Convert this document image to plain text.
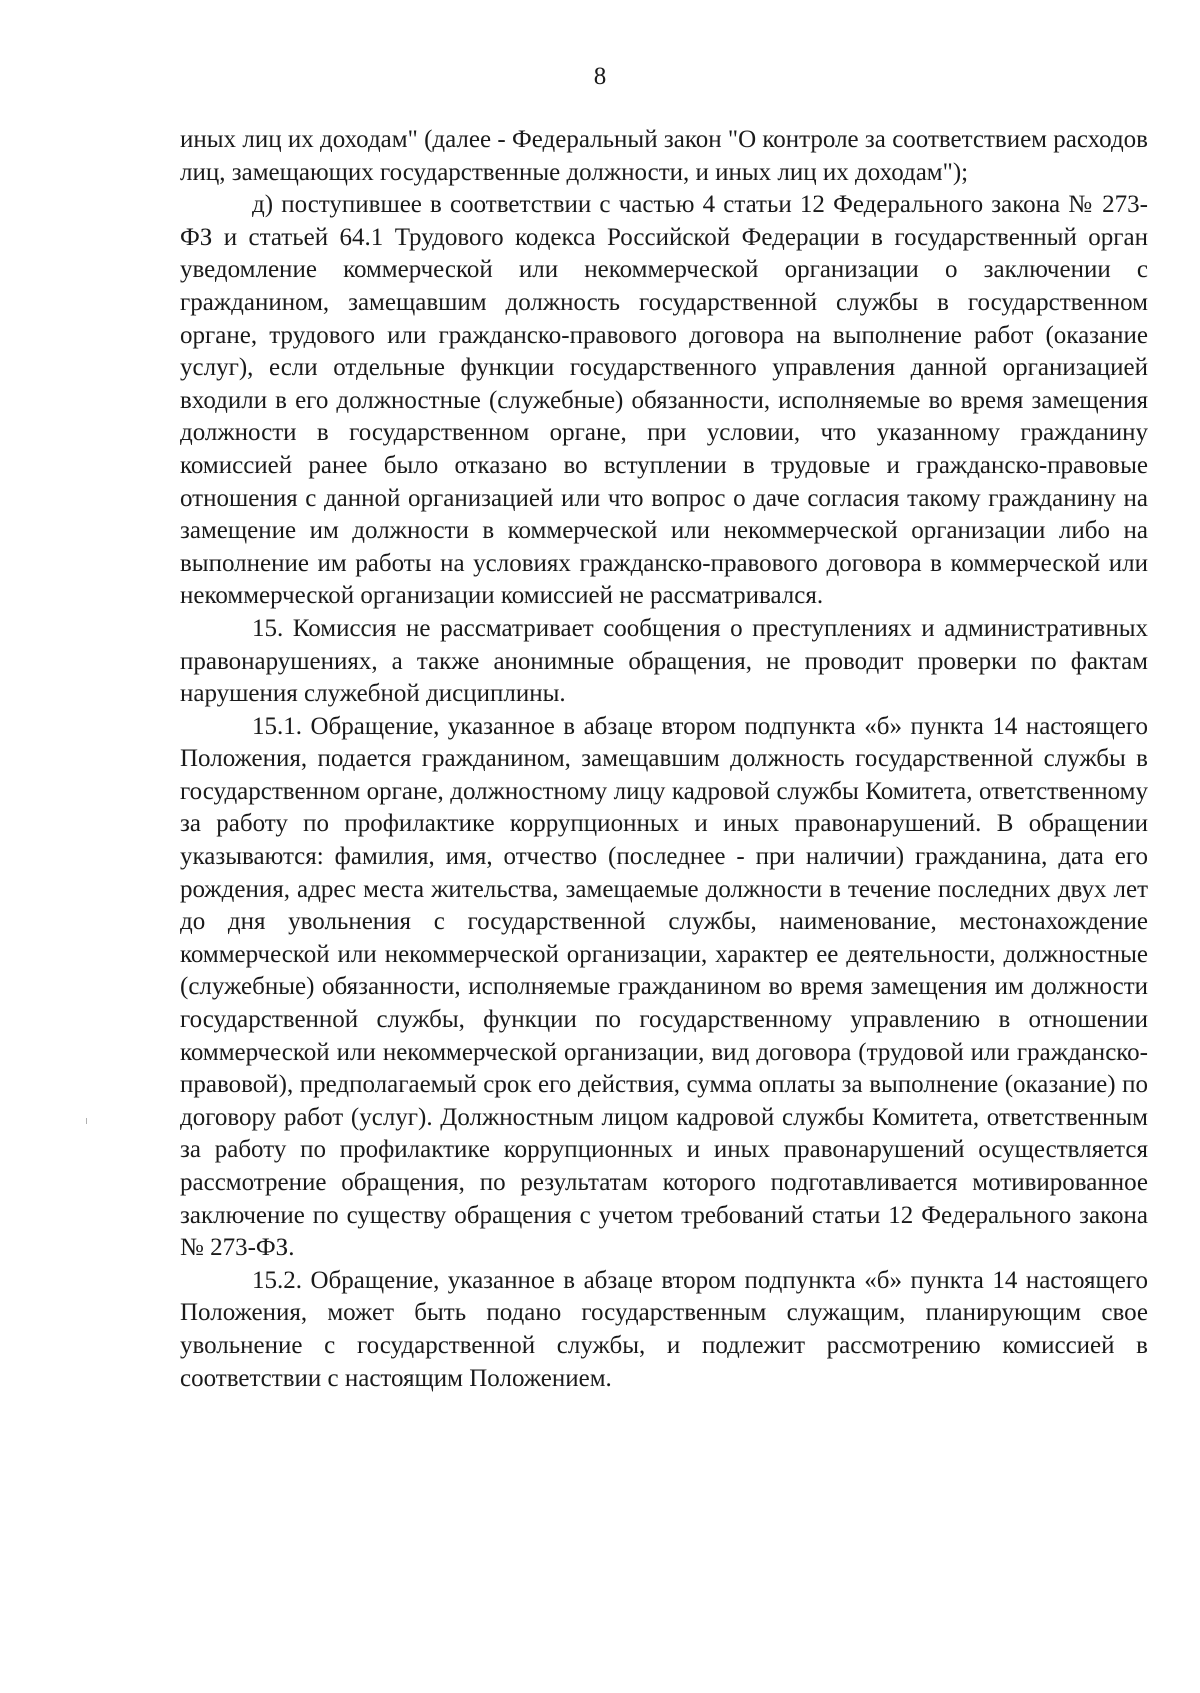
8

иных лиц их доходам" (далее - Федеральный закон "О контроле за соответствием расходов лиц, замещающих государственные должности, и иных лиц их доходам");

д) поступившее в соответствии с частью 4 статьи 12 Федерального закона № 273-ФЗ и статьей 64.1 Трудового кодекса Российской Федерации в государственный орган уведомление коммерческой или некоммерческой организации о заключении с гражданином, замещавшим должность государственной службы в государственном органе, трудового или гражданско-правового договора на выполнение работ (оказание услуг), если отдельные функции государственного управления данной организацией входили в его должностные (служебные) обязанности, исполняемые во время замещения должности в государственном органе, при условии, что указанному гражданину комиссией ранее было отказано во вступлении в трудовые и гражданско-правовые отношения с данной организацией или что вопрос о даче согласия такому гражданину на замещение им должности в коммерческой или некоммерческой организации либо на выполнение им работы на условиях гражданско-правового договора в коммерческой или некоммерческой организации комиссией не рассматривался.

15. Комиссия не рассматривает сообщения о преступлениях и административных правонарушениях, а также анонимные обращения, не проводит проверки по фактам нарушения служебной дисциплины.

15.1. Обращение, указанное в абзаце втором подпункта «б» пункта 14 настоящего Положения, подается гражданином, замещавшим должность государственной службы в государственном органе, должностному лицу кадровой службы Комитета, ответственному за работу по профилактике коррупционных и иных правонарушений. В обращении указываются: фамилия, имя, отчество (последнее - при наличии) гражданина, дата его рождения, адрес места жительства, замещаемые должности в течение последних двух лет до дня увольнения с государственной службы, наименование, местонахождение коммерческой или некоммерческой организации, характер ее деятельности, должностные (служебные) обязанности, исполняемые гражданином во время замещения им должности государственной службы, функции по государственному управлению в отношении коммерческой или некоммерческой организации, вид договора (трудовой или гражданско-правовой), предполагаемый срок его действия, сумма оплаты за выполнение (оказание) по договору работ (услуг). Должностным лицом кадровой службы Комитета, ответственным за работу по профилактике коррупционных и иных правонарушений осуществляется рассмотрение обращения, по результатам которого подготавливается мотивированное заключение по существу обращения с учетом требований статьи 12 Федерального закона № 273-ФЗ.

15.2. Обращение, указанное в абзаце втором подпункта «б» пункта 14 настоящего Положения, может быть подано государственным служащим, планирующим свое увольнение с государственной службы, и подлежит рассмотрению комиссией в соответствии с настоящим Положением.
